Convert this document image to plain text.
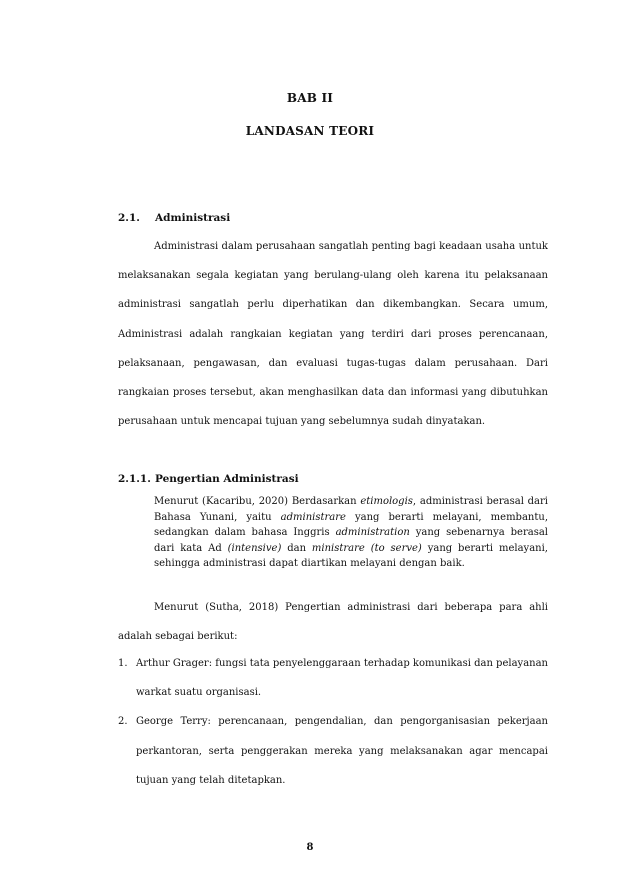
BAB II
LANDASAN TEORI
2.1. Administrasi
Administrasi dalam perusahaan sangatlah penting bagi keadaan usaha untuk melaksanakan segala kegiatan yang berulang-ulang oleh karena itu pelaksanaan administrasi sangatlah perlu diperhatikan dan dikembangkan. Secara umum, Administrasi adalah rangkaian kegiatan yang terdiri dari proses perencanaan, pelaksanaan, pengawasan, dan evaluasi tugas-tugas dalam perusahaan. Dari rangkaian proses tersebut, akan menghasilkan data dan informasi yang dibutuhkan perusahaan untuk mencapai tujuan yang sebelumnya sudah dinyatakan.
2.1.1. Pengertian Administrasi
Menurut (Kacaribu, 2020) Berdasarkan etimologis, administrasi berasal dari Bahasa Yunani, yaitu administrare yang berarti melayani, membantu, sedangkan dalam bahasa Inggris administration yang sebenarnya berasal dari kata Ad (intensive) dan ministrare (to serve) yang berarti melayani, sehingga administrasi dapat diartikan melayani dengan baik.
Menurut (Sutha, 2018) Pengertian administrasi dari beberapa para ahli adalah sebagai berikut:
1. Arthur Grager: fungsi tata penyelenggaraan terhadap komunikasi dan pelayanan warkat suatu organisasi.
2. George Terry: perencanaan, pengendalian, dan pengorganisasian pekerjaan perkantoran, serta penggerakan mereka yang melaksanakan agar mencapai tujuan yang telah ditetapkan.
8
